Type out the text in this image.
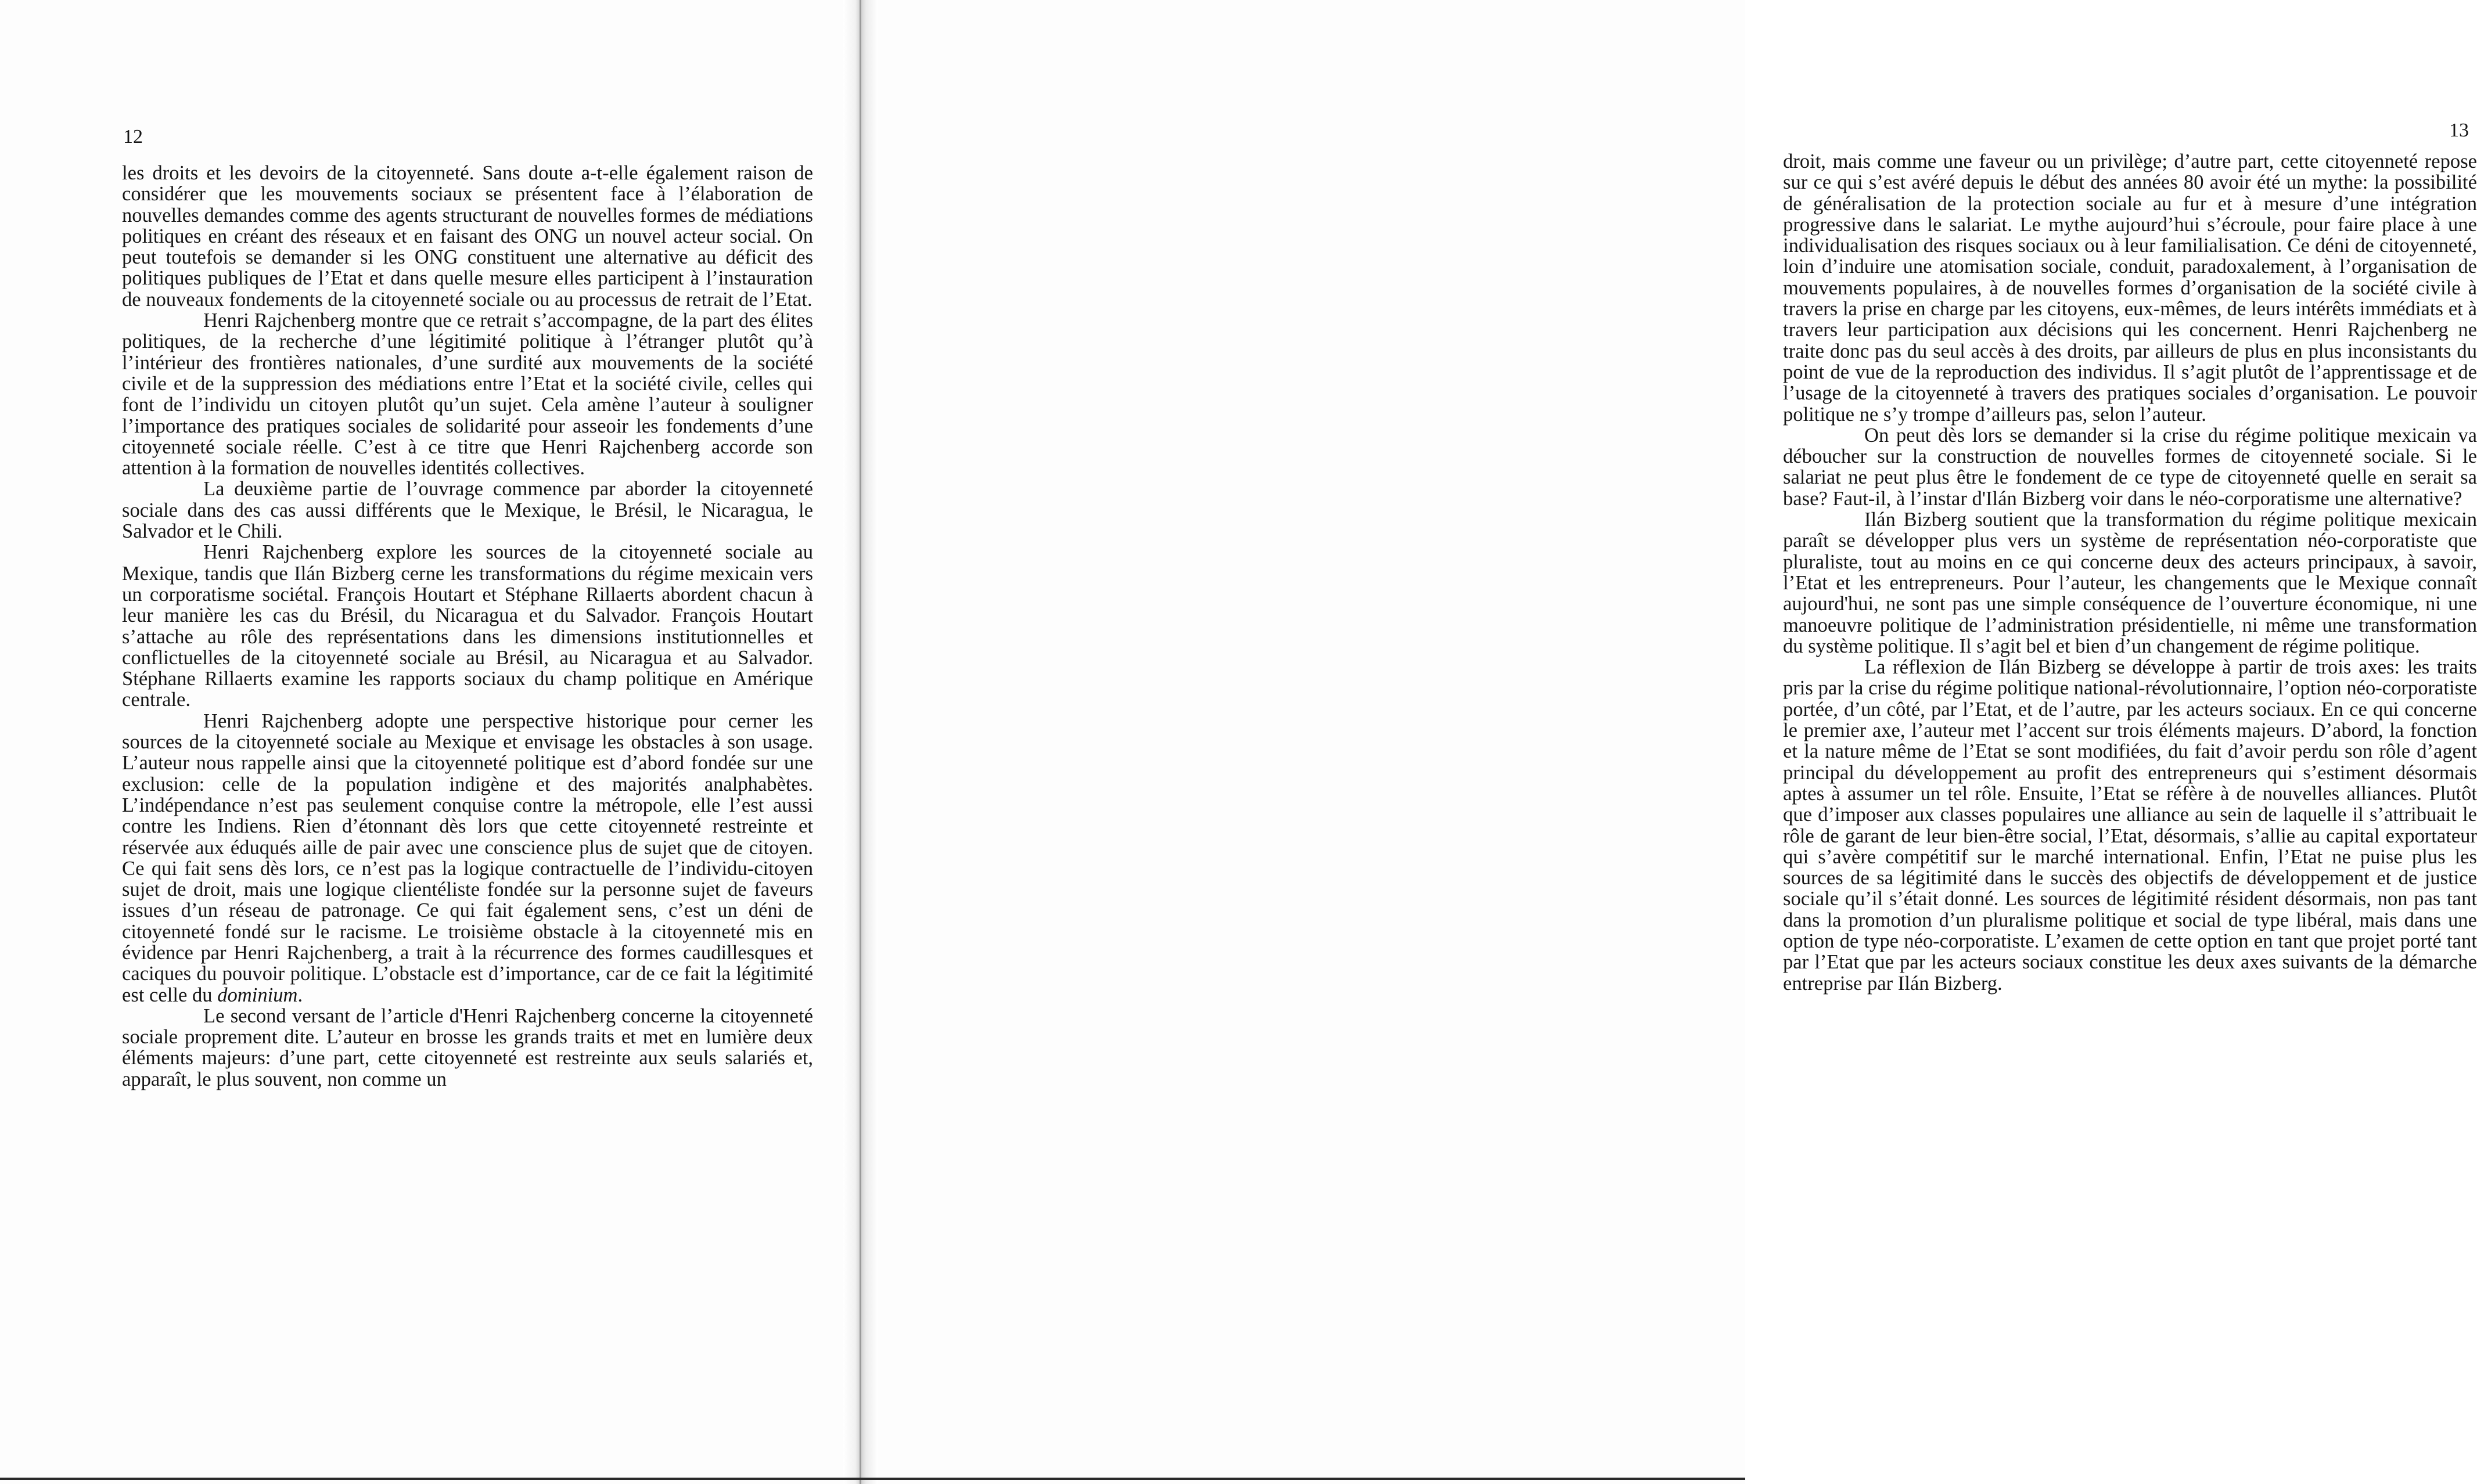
12

les droits et les devoirs de la citoyenneté. Sans doute a-t-elle également raison de considérer que les mouvements sociaux se présentent face à l’élaboration de nouvelles demandes comme des agents structurant de nouvelles formes de médiations politiques en créant des réseaux et en faisant des ONG un nouvel acteur social. On peut toutefois se demander si les ONG constituent une alternative au déficit des politiques publiques de l’Etat et dans quelle mesure elles participent à l’instauration de nouveaux fondements de la citoyenneté sociale ou au processus de retrait de l’Etat.

Henri Rajchenberg montre que ce retrait s’accompagne, de la part des élites politiques, de la recherche d’une légitimité politique à l’étranger plutôt qu’à l’intérieur des frontières nationales, d’une surdité aux mouvements de la société civile et de la suppression des médiations entre l’Etat et la société civile, celles qui font de l’individu un citoyen plutôt qu’un sujet. Cela amène l’auteur à souligner l’importance des pratiques sociales de solidarité pour asseoir les fondements d’une citoyenneté sociale réelle. C’est à ce titre que Henri Rajchenberg accorde son attention à la formation de nouvelles identités collectives.

La deuxième partie de l’ouvrage commence par aborder la citoyenneté sociale dans des cas aussi différents que le Mexique, le Brésil, le Nicaragua, le Salvador et le Chili.

Henri Rajchenberg explore les sources de la citoyenneté sociale au Mexique, tandis que Ilán Bizberg cerne les transformations du régime mexicain vers un corporatisme sociétal. François Houtart et Stéphane Rillaerts abordent chacun à leur manière les cas du Brésil, du Nicaragua et du Salvador. François Houtart s’attache au rôle des représentations dans les dimensions institutionnelles et conflictuelles de la citoyenneté sociale au Brésil, au Nicaragua et au Salvador. Stéphane Rillaerts examine les rapports sociaux du champ politique en Amérique centrale.

Henri Rajchenberg adopte une perspective historique pour cerner les sources de la citoyenneté sociale au Mexique et envisage les obstacles à son usage. L’auteur nous rappelle ainsi que la citoyenneté politique est d’abord fondée sur une exclusion: celle de la population indigène et des majorités analphabètes. L’indépendance n’est pas seulement conquise contre la métropole, elle l’est aussi contre les Indiens. Rien d’étonnant dès lors que cette citoyenneté restreinte et réservée aux éduqués aille de pair avec une conscience plus de sujet que de citoyen. Ce qui fait sens dès lors, ce n’est pas la logique contractuelle de l’individu-citoyen sujet de droit, mais une logique clientéliste fondée sur la personne sujet de faveurs issues d’un réseau de patronage. Ce qui fait également sens, c’est un déni de citoyenneté fondé sur le racisme. Le troisième obstacle à la citoyenneté mis en évidence par Henri Rajchenberg, a trait à la récurrence des formes caudillesques et caciques du pouvoir politique. L’obstacle est d’importance, car de ce fait la légitimité est celle du dominium.

Le second versant de l’article d'Henri Rajchenberg concerne la citoyenneté sociale proprement dite. L’auteur en brosse les grands traits et met en lumière deux éléments majeurs: d’une part, cette citoyenneté est restreinte aux seuls salariés et, apparaît, le plus souvent, non comme un

13

droit, mais comme une faveur ou un privilège; d’autre part, cette citoyenneté repose sur ce qui s’est avéré depuis le début des années 80 avoir été un mythe: la possibilité de généralisation de la protection sociale au fur et à mesure d’une intégration progressive dans le salariat. Le mythe aujourd’hui s’écroule, pour faire place à une individualisation des risques sociaux ou à leur familialisation. Ce déni de citoyenneté, loin d’induire une atomisation sociale, conduit, paradoxalement, à l’organisation de mouvements populaires, à de nouvelles formes d’organisation de la société civile à travers la prise en charge par les citoyens, eux-mêmes, de leurs intérêts immédiats et à travers leur participation aux décisions qui les concernent. Henri Rajchenberg ne traite donc pas du seul accès à des droits, par ailleurs de plus en plus inconsistants du point de vue de la reproduction des individus. Il s’agit plutôt de l’apprentissage et de l’usage de la citoyenneté à travers des pratiques sociales d’organisation. Le pouvoir politique ne s’y trompe d’ailleurs pas, selon l’auteur.

On peut dès lors se demander si la crise du régime politique mexicain va déboucher sur la construction de nouvelles formes de citoyenneté sociale. Si le salariat ne peut plus être le fondement de ce type de citoyenneté quelle en serait sa base? Faut-il, à l’instar d'Ilán Bizberg voir dans le néo-corporatisme une alternative?

Ilán Bizberg soutient que la transformation du régime politique mexicain paraît se développer plus vers un système de représentation néo-corporatiste que pluraliste, tout au moins en ce qui concerne deux des acteurs principaux, à savoir, l’Etat et les entrepreneurs. Pour l’auteur, les changements que le Mexique connaît aujourd'hui, ne sont pas une simple conséquence de l’ouverture économique, ni une manoeuvre politique de l’administration présidentielle, ni même une transformation du système politique. Il s’agit bel et bien d’un changement de régime politique.

La réflexion de Ilán Bizberg se développe à partir de trois axes: les traits pris par la crise du régime politique national-révolutionnaire, l’option néo-corporatiste portée, d’un côté, par l’Etat, et de l’autre, par les acteurs sociaux. En ce qui concerne le premier axe, l’auteur met l’accent sur trois éléments majeurs. D’abord, la fonction et la nature même de l’Etat se sont modifiées, du fait d’avoir perdu son rôle d’agent principal du développement au profit des entrepreneurs qui s’estiment désormais aptes à assumer un tel rôle. Ensuite, l’Etat se réfère à de nouvelles alliances. Plutôt que d’imposer aux classes populaires une alliance au sein de laquelle il s’attribuait le rôle de garant de leur bien-être social, l’Etat, désormais, s’allie au capital exportateur qui s’avère compétitif sur le marché international. Enfin, l’Etat ne puise plus les sources de sa légitimité dans le succès des objectifs de développement et de justice sociale qu’il s’était donné. Les sources de légitimité résident désormais, non pas tant dans la promotion d’un pluralisme politique et social de type libéral, mais dans une option de type néo-corporatiste. L’examen de cette option en tant que projet porté tant par l’Etat que par les acteurs sociaux constitue les deux axes suivants de la démarche entreprise par Ilán Bizberg.
